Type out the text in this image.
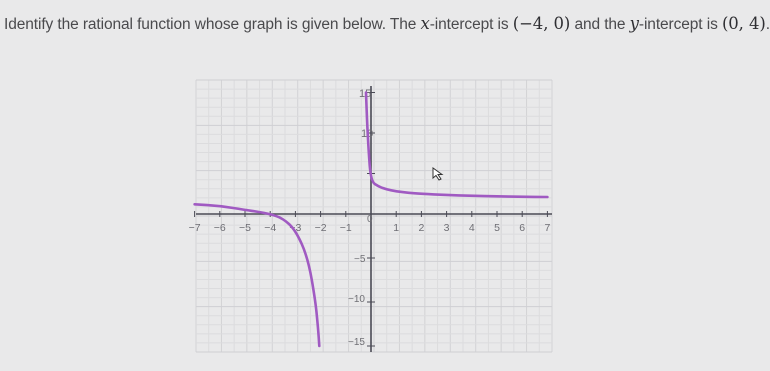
Identify the rational function whose graph is given below. The x-intercept is (−4, 0) and the y-intercept is (0, 4).
−7 −6 −5 −4 −3 −2 −1	1 2 3 4 5 6 7
15
10
0
−5
−10
−15
